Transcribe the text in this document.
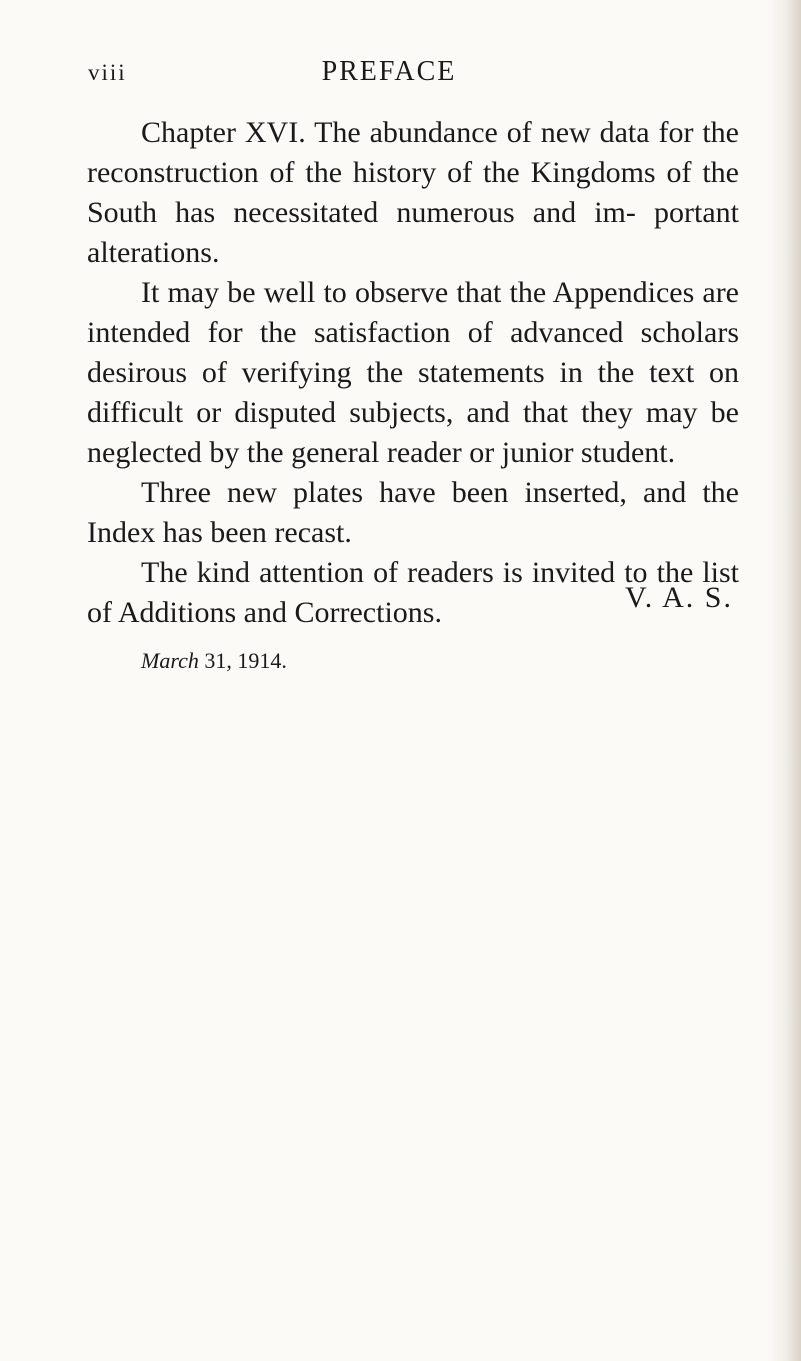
viii	PREFACE

Chapter XVI. The abundance of new data for the reconstruction of the history of the Kingdoms of the South has necessitated numerous and im- portant alterations.

It may be well to observe that the Appendices are intended for the satisfaction of advanced scholars desirous of verifying the statements in the text on difficult or disputed subjects, and that they may be neglected by the general reader or junior student.

Three new plates have been inserted, and the Index has been recast.

The kind attention of readers is invited to the list of Additions and Corrections.	V. A. S.
March 31, 1914.
